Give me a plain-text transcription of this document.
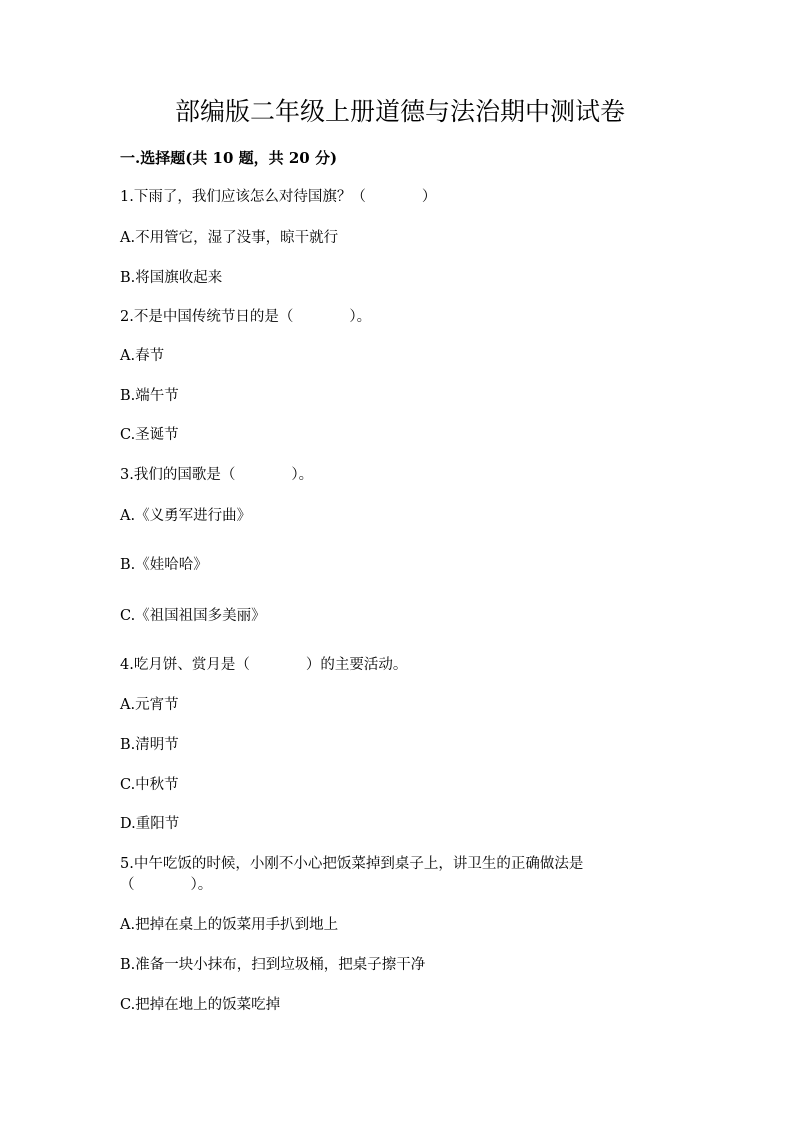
部编版二年级上册道德与法治期中测试卷
一.选择题(共 10 题，共 20 分)
1.下雨了，我们应该怎么对待国旗？（	）
A.不用管它，湿了没事，晾干就行
B.将国旗收起来
2.不是中国传统节日的是（	）。
A.春节
B.端午节
C.圣诞节
3.我们的国歌是（	）。
A.《义勇军进行曲》
B.《娃哈哈》
C.《祖国祖国多美丽》
4.吃月饼、赏月是（	）的主要活动。
A.元宵节
B.清明节
C.中秋节
D.重阳节
5.中午吃饭的时候，小刚不小心把饭菜掉到桌子上，讲卫生的正确做法是
（	）。
A.把掉在桌上的饭菜用手扒到地上
B.准备一块小抹布，扫到垃圾桶，把桌子擦干净
C.把掉在地上的饭菜吃掉
